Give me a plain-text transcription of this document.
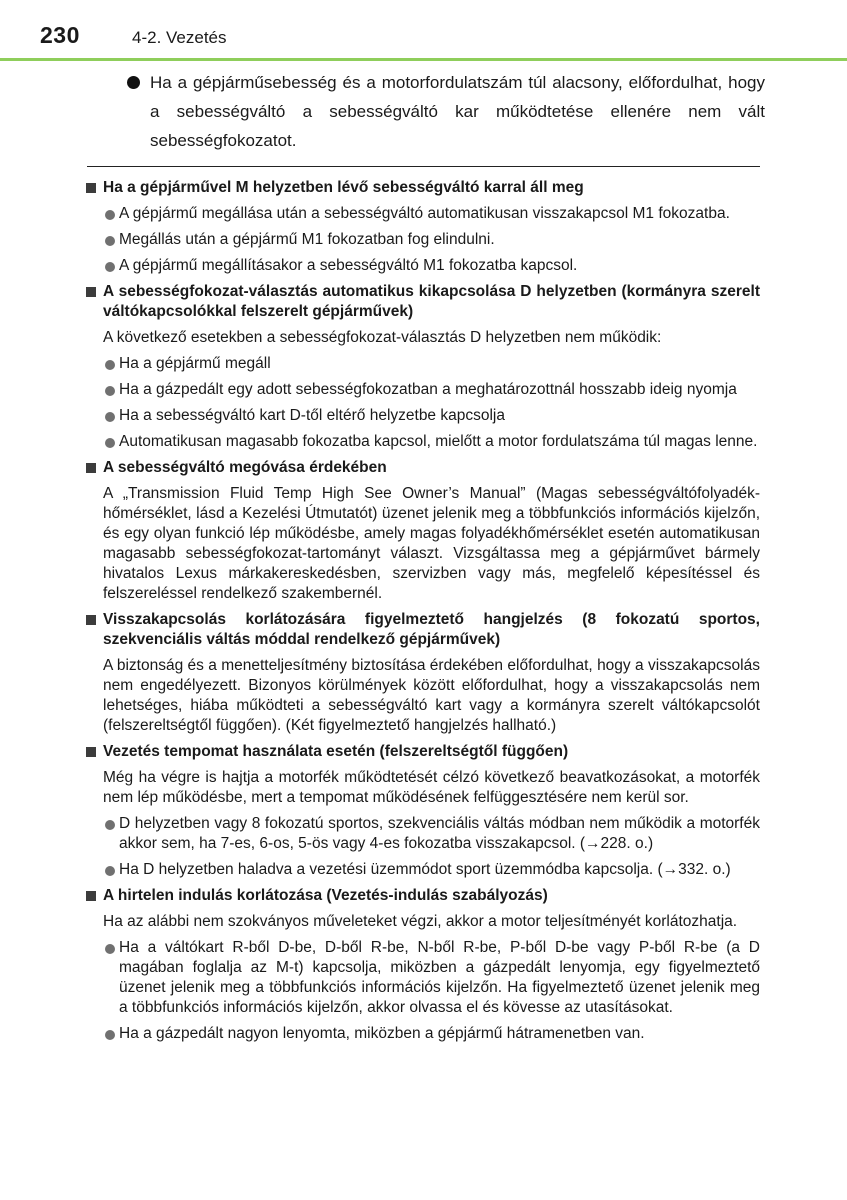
230	4-2. Vezetés

Ha a gépjárműsebesség és a motorfordulatszám túl alacsony, előfordulhat, hogy a sebességváltó a sebességváltó kar működtetése ellenére nem vált sebességfokozatot.

Ha a gépjárművel M helyzetben lévő sebességváltó karral áll meg
A gépjármű megállása után a sebességváltó automatikusan visszakapcsol M1 fokozatba.
Megállás után a gépjármű M1 fokozatban fog elindulni.
A gépjármű megállításakor a sebességváltó M1 fokozatba kapcsol.
A sebességfokozat-választás automatikus kikapcsolása D helyzetben (kormányra szerelt váltókapcsolókkal felszerelt gépjárművek)
A következő esetekben a sebességfokozat-választás D helyzetben nem működik:
Ha a gépjármű megáll
Ha a gázpedált egy adott sebességfokozatban a meghatározottnál hosszabb ideig nyomja
Ha a sebességváltó kart D-től eltérő helyzetbe kapcsolja
Automatikusan magasabb fokozatba kapcsol, mielőtt a motor fordulatszáma túl magas lenne.
A sebességváltó megóvása érdekében
A „Transmission Fluid Temp High See Owner’s Manual” (Magas sebességváltófolyadék-hőmérséklet, lásd a Kezelési Útmutatót) üzenet jelenik meg a többfunkciós információs kijelzőn, és egy olyan funkció lép működésbe, amely magas folyadékhőmérséklet esetén automatikusan magasabb sebességfokozat-tartományt választ. Vizsgáltassa meg a gépjárművet bármely hivatalos Lexus márkakereskedésben, szervizben vagy más, megfelelő képesítéssel és felszereléssel rendelkező szakembernél.
Visszakapcsolás korlátozására figyelmeztető hangjelzés (8 fokozatú sportos, szekvenciális váltás móddal rendelkező gépjárművek)
A biztonság és a menetteljesítmény biztosítása érdekében előfordulhat, hogy a visszakapcsolás nem engedélyezett. Bizonyos körülmények között előfordulhat, hogy a visszakapcsolás nem lehetséges, hiába működteti a sebességváltó kart vagy a kormányra szerelt váltókapcsolót (felszereltségtől függően). (Két figyelmeztető hangjelzés hallható.)
Vezetés tempomat használata esetén (felszereltségtől függően)
Még ha végre is hajtja a motorfék működtetését célzó következő beavatkozásokat, a motorfék nem lép működésbe, mert a tempomat működésének felfüggesztésére nem kerül sor.
D helyzetben vagy 8 fokozatú sportos, szekvenciális váltás módban nem működik a motorfék akkor sem, ha 7-es, 6-os, 5-ös vagy 4-es fokozatba visszakapcsol. (→228. o.)
Ha D helyzetben haladva a vezetési üzemmódot sport üzemmódba kapcsolja. (→332. o.)
A hirtelen indulás korlátozása (Vezetés-indulás szabályozás)
Ha az alábbi nem szokványos műveleteket végzi, akkor a motor teljesítményét korlátozhatja.
Ha a váltókart R-ből D-be, D-ből R-be, N-ből R-be, P-ből D-be vagy P-ből R-be (a D magában foglalja az M-t) kapcsolja, miközben a gázpedált lenyomja, egy figyelmeztető üzenet jelenik meg a többfunkciós információs kijelzőn. Ha figyelmeztető üzenet jelenik meg a többfunkciós információs kijelzőn, akkor olvassa el és kövesse az utasításokat.
Ha a gázpedált nagyon lenyomta, miközben a gépjármű hátramenetben van.
